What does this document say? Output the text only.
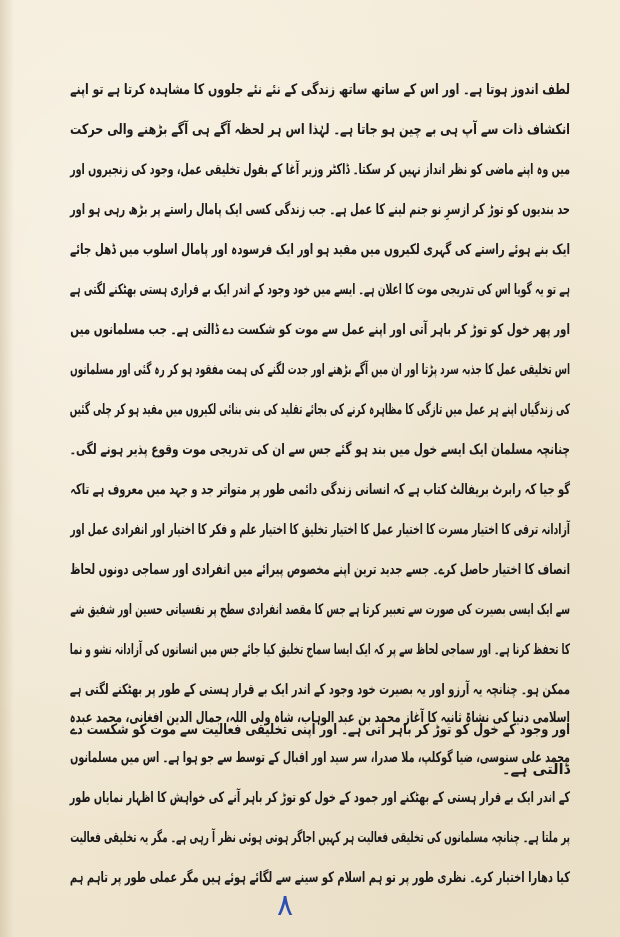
لطف اندوز ہوتا ہے۔ اور اس کے ساتھ ساتھ زندگی کے نئے نئے جلووں کا مشاہدہ کرتا ہے تو اپنے
انکشاف ذات سے آپ ہی بے چین ہو جاتا ہے۔ لہٰذا اس ہر لحظہ آگے ہی آگے بڑھنے والی حرکت
میں وہ اپنے ماضی کو نظر انداز نہیں کر سکتا۔ ڈاکٹر وزیر آغا کے بقول تخلیقی عمل، وجود کی زنجیروں اور
حد بندیوں کو توڑ کر ازسرِ نو جنم لینے کا عمل ہے۔ جب زندگی کسی ایک پامال راستے پر بڑھ رہی ہو اور
ایک بنے ہوئے راستے کی گہری لکیروں میں مقید ہو اور ایک فرسودہ اور پامال اسلوب میں ڈھل جائے
ہے تو یہ گویا اس کی تدریجی موت کا اعلان ہے۔ ایسے میں خود وجود کے اندر ایک بے قراری ہستی بھٹکنے لگتی ہے
اور پھر خول کو توڑ کر باہر آتی اور اپنے عمل سے موت کو شکست دے ڈالتی ہے۔ جب مسلمانوں میں
اس تخلیقی عمل کا جذبہ سرد پڑتا اور ان میں آگے بڑھنے اور جدت لگنے کی ہمت مفقود ہو کر رہ گئی اور مسلمانوں
کی زندگیاں اپنے ہر عمل میں تازگی کا مظاہرہ کرنے کی بجائے تقلید کی بنی بنائی لکیروں میں مقید ہو کر چلی گئیں
چنانچہ مسلمان ایک ایسے خول میں بند ہو گئے جس سے ان کی تدریجی موت وقوع پذیر ہونے لگی۔
گو جیا کہ رابرٹ بریفالٹ کتاب ہے کہ انسانی زندگی دائمی طور پر متواتر جد و جہد میں معروف ہے تاکہ
آزادانہ ترقی کا اختیار مسرت کا اختیار عمل کا اختیار تخلیق کا اختیار علم و فکر کا اختیار اور انفرادی عمل اور
انصاف کا اختیار حاصل کرے۔ جسے جدید ترین اپنے مخصوص پیرائے میں انفرادی اور سماجی دونوں لحاظ
سے ایک ایسی بصیرت کی صورت سے تعبیر کرتا ہے جس کا مقصد انفرادی سطح پر نفسیاتی حسین اور شفیق شے
کا تحفظ کرنا ہے۔ اور سماجی لحاظ سے پر کہ ایک ایسا سماج تخلیق کیا جائے جس میں انسانوں کی آزادانہ نشو و نما
ممکن ہو۔ چنانچہ یہ آرزو اور یہ بصیرت خود وجود کے اندر ایک بے قرار ہستی کے طور پر بھٹکنے لگتی ہے
اور وجود کے خول کو توڑ کر باہر آتی ہے۔ اور اپنی تخلیقی فعالیت سے موت کو شکست دے
ڈالتی ہے۔
اسلامی دنیا کی نشاۃ ثانیہ کا آغاز محمد بن عبد الوہاب، شاہ ولی اللہ، جمال الدین افغانی، محمد عبدہ
محمد علی سنوسی، ضیا گوکلپ، ملا صدرا، سر سید اور اقبال کے توسط سے جو ہوا ہے۔ اس میں مسلمانوں
کے اندر ایک بے قرار ہستی کے بھٹکنے اور جمود کے خول کو توڑ کر باہر آنے کی خواہش کا اظہار نمایاں طور
پر ملتا ہے۔ چنانچہ مسلمانوں کی تخلیقی فعالیت ہر کہیں اجاگر ہوتی ہوئی نظر آ رہی ہے۔ مگر یہ تخلیقی فعالیت
کیا دھارا اختیار کرے۔ نظری طور پر تو ہم اسلام کو سینے سے لگائے ہوئے ہیں مگر عملی طور پر تاہم ہم
۸
